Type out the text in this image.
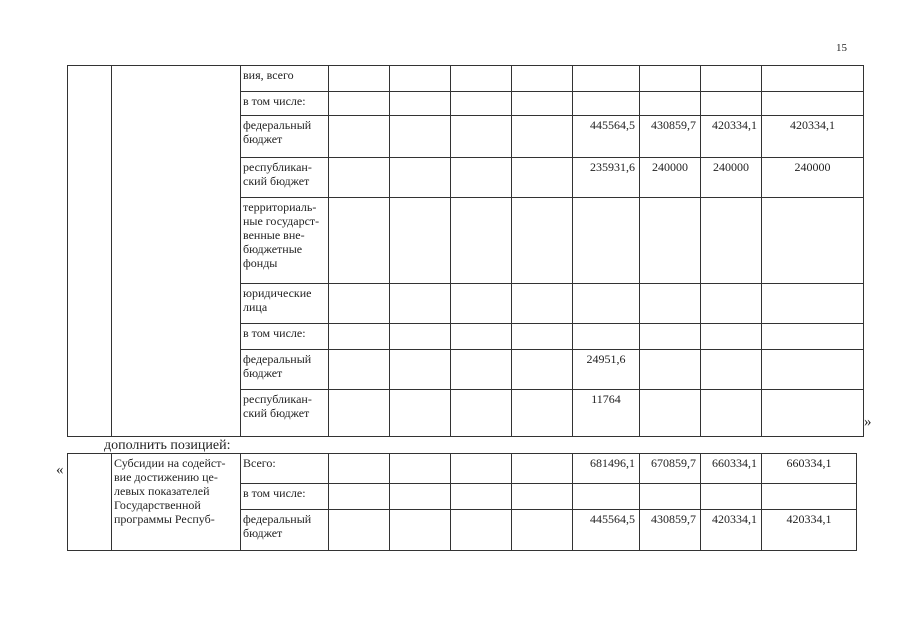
15
		вия, всего								
		в том числе:								
		федеральный бюджет					445564,5	430859,7	420334,1	420334,1
		республикан-ский бюджет					235931,6	240000	240000	240000
		территориаль-ные государст-венные вне-бюджетные фонды								
		юридические лица								
		в том числе:								
		федеральный бюджет					24951,6			
		республикан-ский бюджет					11764			
»
дополнить позицией:
«
		Субсидии на содейст-вие достижению це-левых показателей Государственной программы Респуб-	Всего:					681496,1	670859,7	660334,1	660334,1
		в том числе:								
		федеральный бюджет					445564,5	430859,7	420334,1	420334,1
